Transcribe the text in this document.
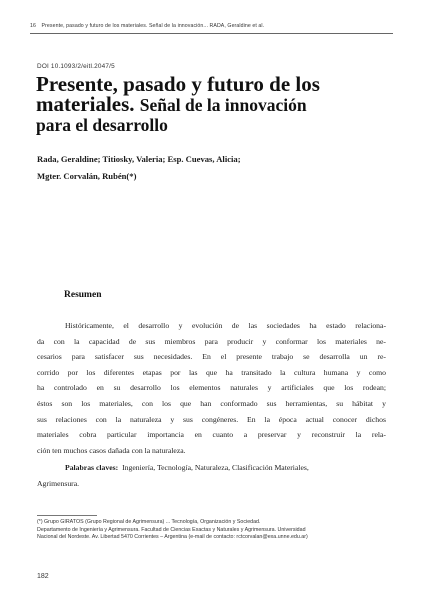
16 Presente, pasado y futuro de los materiales. Señal de la innovación... RADA, Geraldine et al.
DOI 10.1093/2/eitl.2047/5
Presente, pasado y futuro de los
materiales. Señal de la innovación
para el desarrollo
Rada, Geraldine; Titiosky, Valeria; Esp. Cuevas, Alicia;
Mgter. Corvalán, Rubén(*)
Resumen

Históricamente, el desarrollo y evolución de las sociedades ha estado relaciona-
da con la capacidad de sus miembros para producir y conformar los materiales ne-
cesarios para satisfacer sus necesidades. En el presente trabajo se desarrolla un re-
corrido por los diferentes etapas por las que ha transitado la cultura humana y como
ha controlado en su desarrollo los elementos naturales y artificiales que los rodean;
éstos son los materiales, con los que han conformado sus herramientas, su hábitat y
sus relaciones con la naturaleza y sus congéneres. En la época actual conocer dichos
materiales cobra particular importancia en cuanto a preservar y reconstruir la rela-
ción ten muchos casos dañada con la naturaleza.

Palabras claves: Ingeniería, Tecnología, Naturaleza, Clasificación Materiales,
Agrimensura.
(*) Grupo GIRATOS (Grupo Regional de Agrimensura) ... Tecnología, Organización y Sociedad.
Departamento de Ingeniería y Agrimensura. Facultad de Ciencias Exactas y Naturales y Agrimensura. Universidad
Nacional del Nordeste. Av. Libertad 5470 Corrientes – Argentina (e-mail de contacto: rctcorvalan@exa.unne.edu.ar)
182
